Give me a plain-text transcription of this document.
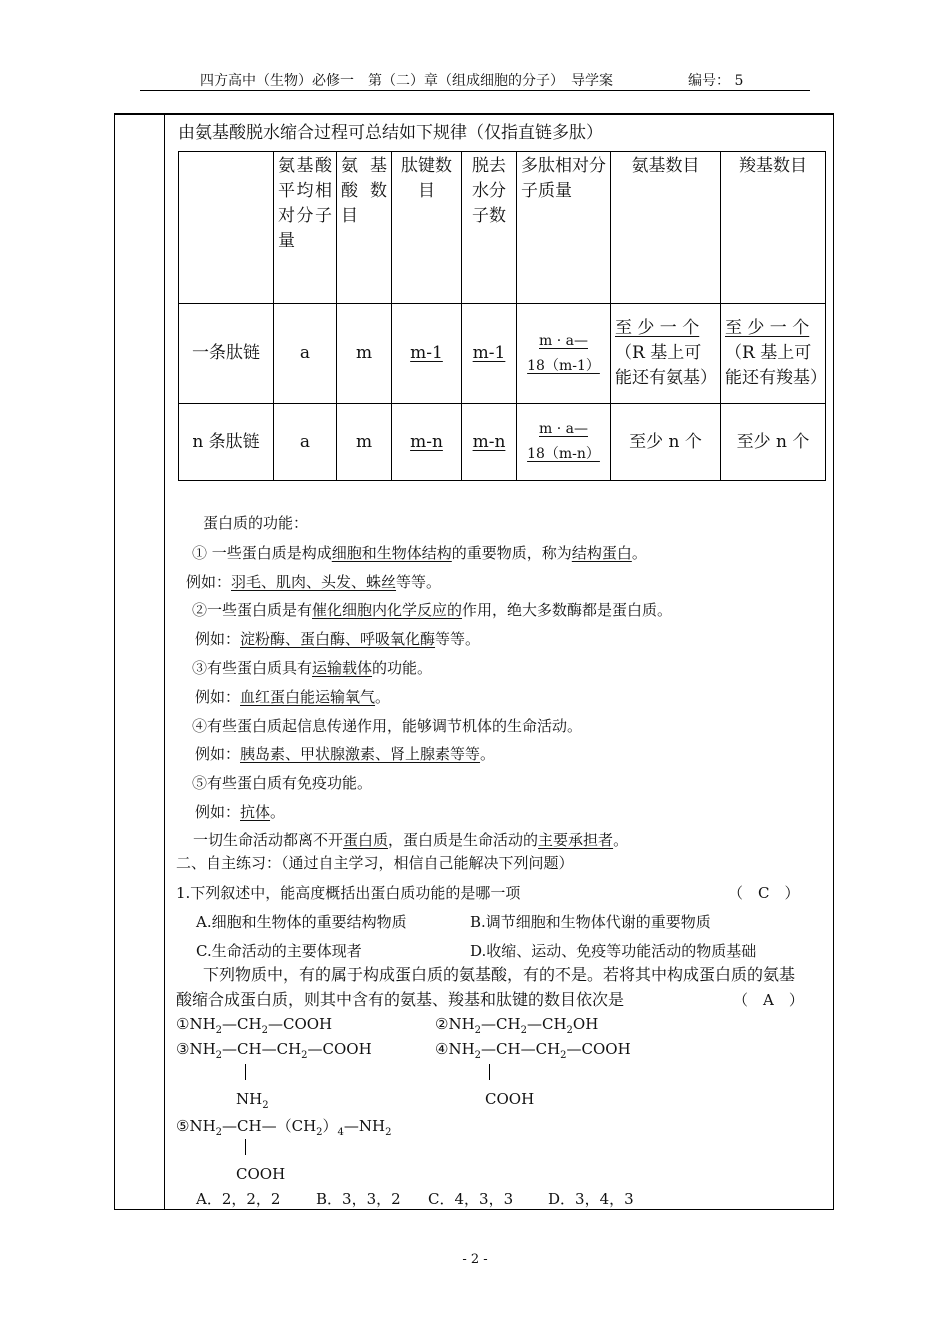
四方高中（生物）必修一　第（二）章（组成细胞的分子）　导学案	编号： 5
由氨基酸脱水缩合过程可总结如下规律（仅指直链多肽）
	氨基酸平均相对分子量	氨基酸数目	肽键数目	脱去水分子数	多肽相对分子质量	氨基数目	羧基数目
一条肽链	a	m	m-1	m-1	m · a—
18（m-1）	至 少 一 个（R 基上可能还有氨基）	至 少 一 个（R 基上可能还有羧基）
n 条肽链	a	m	m-n	m-n	m · a—
18（m-n）	至少 n 个	至少 n 个
蛋白质的功能：
① 一些蛋白质是构成细胞和生物体结构的重要物质，称为结构蛋白。
例如：羽毛、肌肉、头发、蛛丝等等。
②一些蛋白质是有催化细胞内化学反应的作用，绝大多数酶都是蛋白质。
例如：淀粉酶、蛋白酶、呼吸氧化酶等等。
③有些蛋白质具有运输载体的功能。
例如：血红蛋白能运输氧气。
④有些蛋白质起信息传递作用，能够调节机体的生命活动。
例如：胰岛素、甲状腺激素、肾上腺素等等。
⑤有些蛋白质有免疫功能。
例如：抗体。
一切生命活动都离不开蛋白质，蛋白质是生命活动的主要承担者。
二、自主练习：（通过自主学习，相信自己能解决下列问题）
1.下列叙述中，能高度概括出蛋白质功能的是哪一项	（　C　）
A.细胞和生物体的重要结构物质	B.调节细胞和生物体代谢的重要物质
C.生命活动的主要体现者	D.收缩、运动、免疫等功能活动的物质基础
下列物质中，有的属于构成蛋白质的氨基酸，有的不是。若将其中构成蛋白质的氨基
酸缩合成蛋白质，则其中含有的氨基、羧基和肽键的数目依次是	（　A　）
$①NH_2—CH_2—COOH$	$②NH_2—CH_2—CH_2OH$
$③NH_2—CH—CH_2—COOH$
$NH_2$
$④NH_2—CH—CH_2—COOH$
COOH
$⑤NH_2—CH—(CH_2)_4—NH_2$
COOH
A．2，2，2 B．3，3，2 C．4，3，3 D．3，4，3
- 2 -
